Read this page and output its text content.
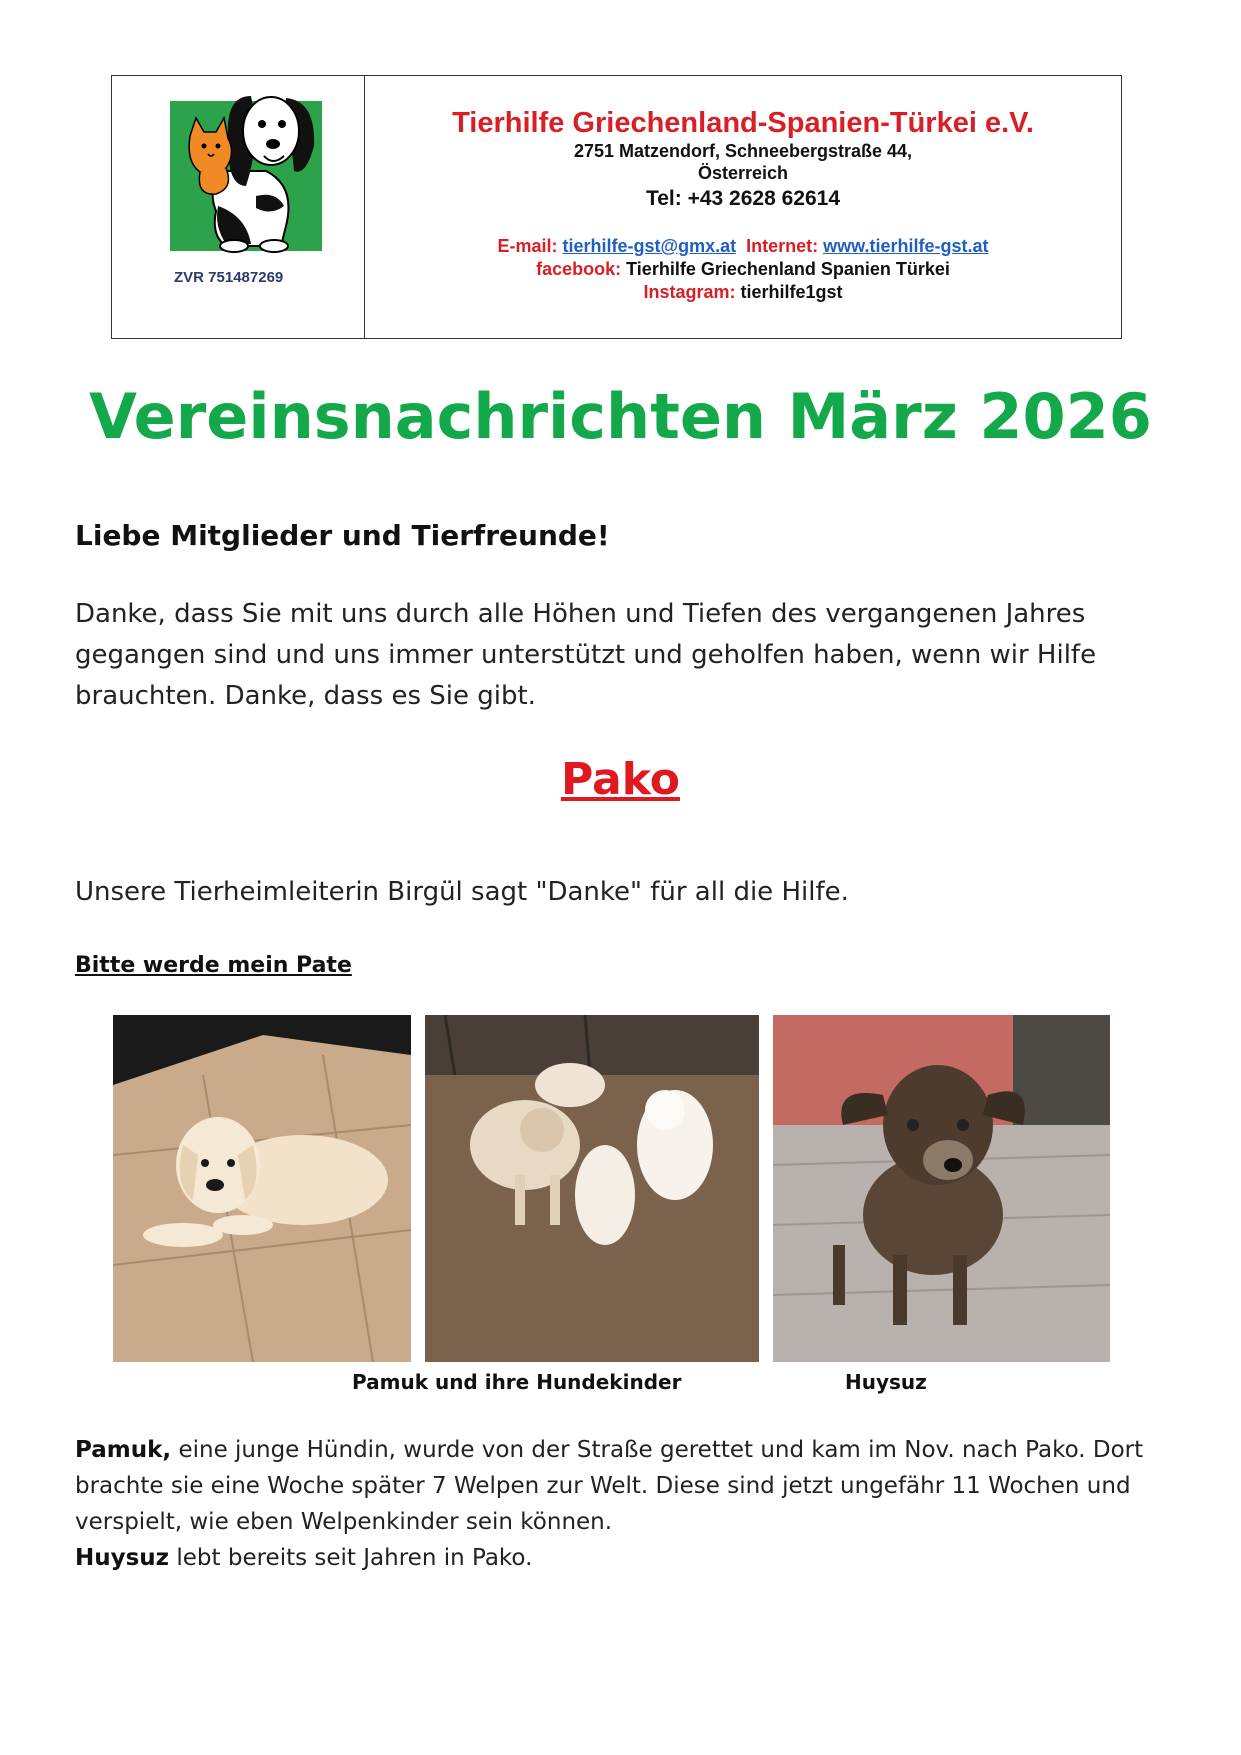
ZVR 751487269
Tierhilfe Griechenland-Spanien-Türkei e.V.
2751 Matzendorf, Schneebergstraße 44,
Österreich
Tel: +43 2628 62614
E-mail: tierhilfe-gst@gmx.at Internet: www.tierhilfe-gst.at
facebook: Tierhilfe Griechenland Spanien Türkei
Instagram: tierhilfe1gst
Vereinsnachrichten März 2026
Liebe Mitglieder und Tierfreunde!
Danke, dass Sie mit uns durch alle Höhen und Tiefen des vergangenen Jahres gegangen sind und uns immer unterstützt und geholfen haben, wenn wir Hilfe brauchten. Danke, dass es Sie gibt.
Pako
Unsere Tierheimleiterin Birgül sagt "Danke" für all die Hilfe.
Bitte werde mein Pate
Pamuk und ihre Hundekinder	Huysuz
Pamuk, eine junge Hündin, wurde von der Straße gerettet und kam im Nov. nach Pako. Dort brachte sie eine Woche später 7 Welpen zur Welt. Diese sind jetzt ungefähr 11 Wochen und verspielt, wie eben Welpenkinder sein können.
Huysuz lebt bereits seit Jahren in Pako.
